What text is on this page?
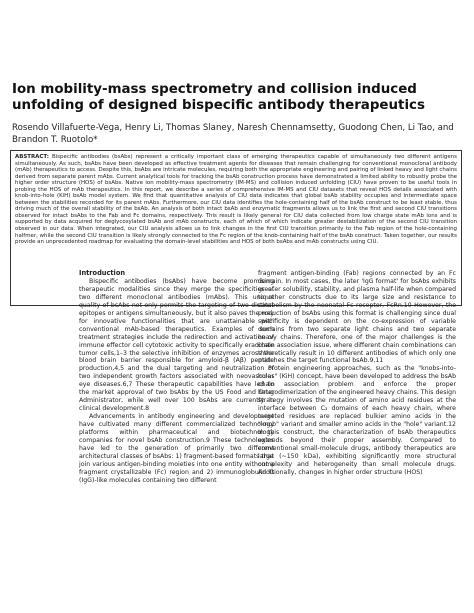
Ion mobility-mass spectrometry and collision induced unfolding of designed bispecific antibody therapeutics

Rosendo Villafuerte-Vega, Henry Li, Thomas Slaney, Naresh Chennamsetty, Guodong Chen, Li Tao, and Brandon T. Ruotolo*

ABSTRACT: Bispecific antibodies (bsAbs) represent a critically important class of emerging therapeutics capable of simultaneously two different antigens simultaneously. As such, bsAbs have been developed as effective treatment agents for diseases that remain challenging for conventional monoclonal antibody (mAb) therapeutics to access. Despite this, bsAbs are intricate molecules, requiring both the appropriate engineering and pairing of linked heavy and light chains derived from separate parent mAbs. Current analytical tools for tracking the bsAb construction process have demonstrated a limited ability to robustly probe the higher order structure (HOS) of bsAbs. Native ion mobility-mass spectrometry (IM-MS) and collision induced unfolding (CIU) have proven to be useful tools in probing the HOS of mAb therapeutics. In this report, we describe a series of comprehensive IM-MS and CIU datasets that reveal HOS details associated with knob-into-hole (KiH) bsAb model system. We find that quantitative analysis of CIU data indicates that global bsAb stability occupies and intermediate space between the stabilities recorded for its parent mAbs. Furthermore, our CIU data identifies the hole-containing half of the bsAb construct to be least stable, thus driving much of the overall stability of the bsAb. An analysis of both intact bsAb and enzymatic fragments allows us to link the first and second CIU transitions observed for intact bsAbs to the Fab and Fc domains, respectively. This result is likely general for CIU data collected from low charge state mAb ions and is supported by data acquired for deglycosylated bsAb and mAb constructs, each of which of which indicate greater destabilization of the second CIU transition observed in our data. When integrated, our CIU analysis allows us to link changes in the first CIU transition primarily to the Fab region of the hole-containing halfmer, while the second CIU transition is likely strongly connected to the Fc region of the knob-containing half of the bsAb construct. Taken together, our results provide an unprecedented roadmap for evaluating the domain-level stabilities and HOS of both bsAbs and mAb constructs using CIU.

Introduction

Bispecific antibodies (bsAbs) have become promising therapeutic modalities since they merge the specificities of two different monoclonal antibodies (mAbs). This unique quality of bsAbs not only permits the targeting of two distinct epitopes or antigens simultaneously, but it also paves the way for innovative functionalities that are unattainable with conventional mAb-based therapeutics. Examples of such treatment strategies include the redirection and activation of immune effector cell cytotoxic activity to specifically eradicate tumor cells,1–3 the selective inhibition of enzymes across the blood brain barrier responsible for amyloid-β (Aβ) peptide production,4,5 and the dual targeting and neutralization of two independent growth factors associated with neovascular eye diseases.6,7 These therapeutic capabilities have led to the market approval of two bsAbs by the US Food and Drug Administrator, while well over 100 bsAbs are currently in clinical development.8

Advancements in antibody engineering and development have cultivated many different commercialized technology platforms within pharmaceutical and biotechnology companies for novel bsAb construction.9 These technologies have led to the generation of primarily two different architectural classes of bsAbs: 1) fragment-based formats that join various antigen-binding moieties into one entity without a fragment crystallizable (Fc) region and 2) immunoglobulin G (IgG)-like molecules containing two different

fragment antigen-binding (Fab) regions connected by an Fc domain. In most cases, the later 'IgG format' for bsAbs exhibits greater solubility, stability, and plasma half-life when compared to other constructs due to its large size and resistance to catabolism by the neonatal Fc receptor, FcRn.10 However, the production of bsAbs using this format is challenging since dual specificity is dependent on the co-expression of variable domains from two separate light chains and two separate heavy chains. Therefore, one of the major challenges is the chain association issue, where different chain combinations can theoretically result in 10 different antibodies of which only one matches the target functional bsAb.9,11

Protein engineering approaches, such as the "knobs-into-holes" (KiH) concept, have been developed to address the bsAb chain association problem and enforce the proper heterodimerization of the engineered heavy chains. This design strategy involves the mutation of amino acid residues at the interface between C₃ domains of each heavy chain, where targeted residues are replaced bulkier amino acids in the "knob" variant and smaller amino acids in the "hole" variant.12 In this construct, the characterization of bsAb therapeutics extends beyond their proper assembly. Compared to conventional small-molecule drugs, antibody therapeutics are large (~150 kDa), exhibiting significantly more structural complexity and heterogeneity than small molecule drugs. Additionally, changes in higher order structure (HOS)
